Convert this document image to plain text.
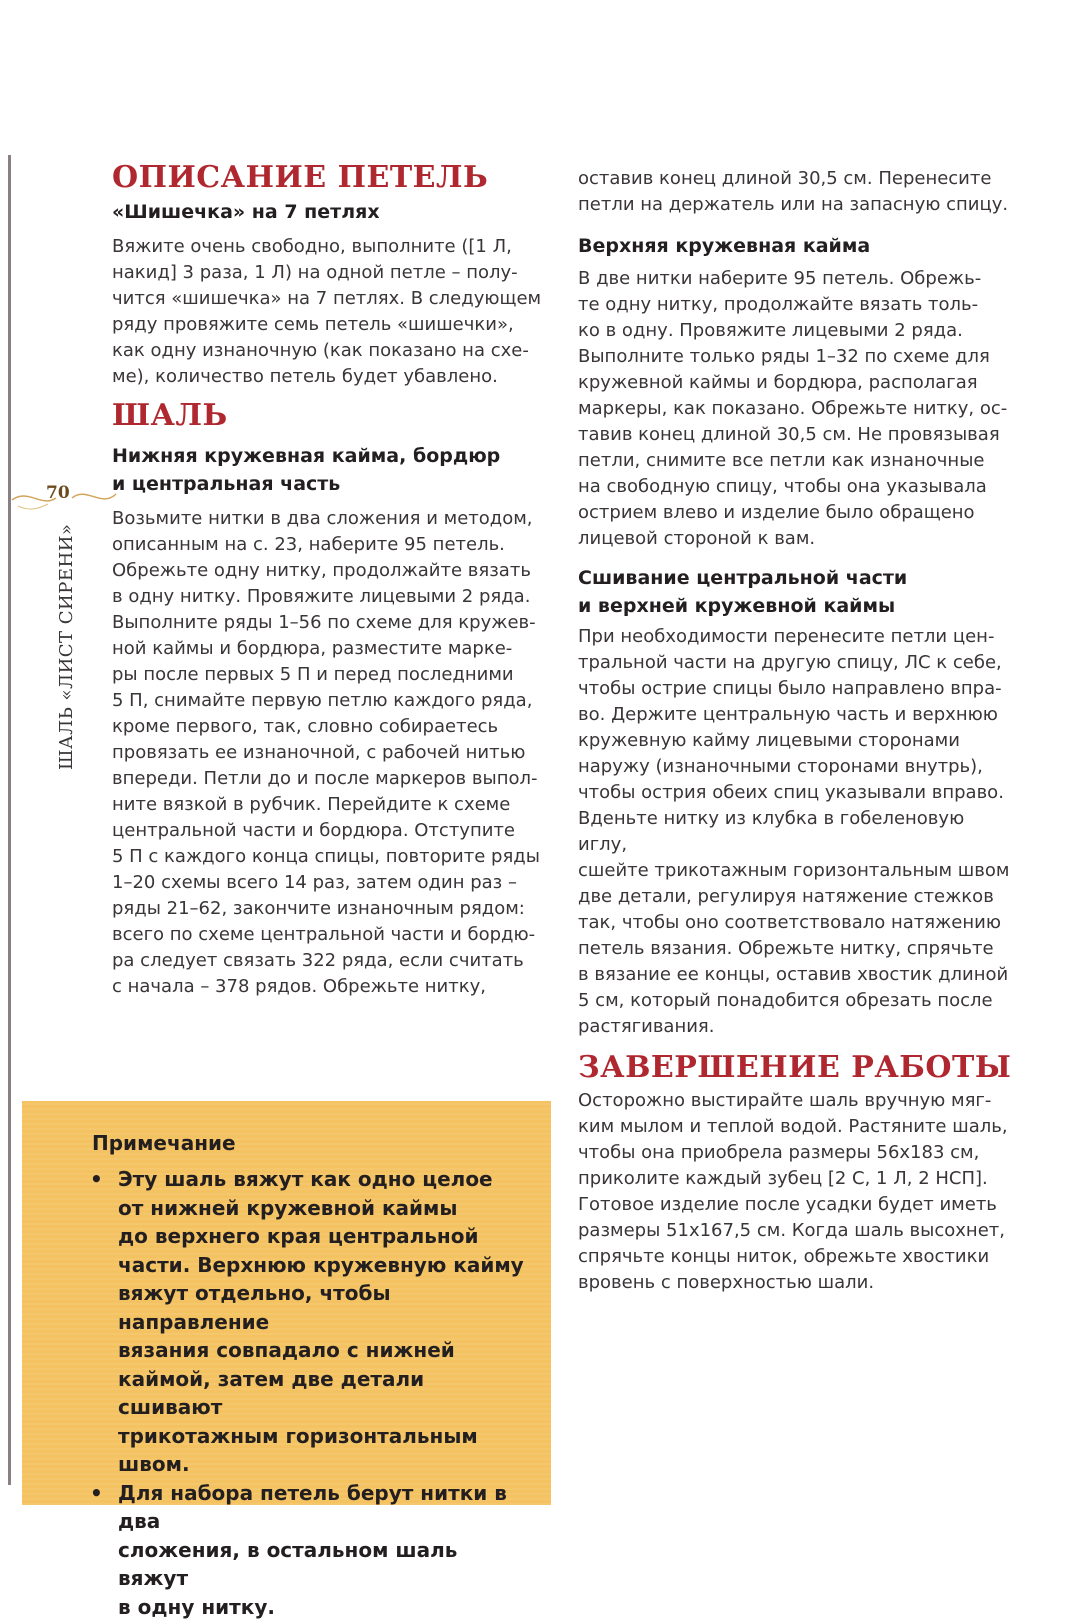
70
ШАЛЬ «ЛИСТ СИРЕНИ»
ОПИСАНИЕ ПЕТЕЛЬ

«Шишечка» на 7 петлях

Вяжите очень свободно, выполните ([1 Л,
накид] 3 раза, 1 Л) на одной петле – полу-
чится «шишечка» на 7 петлях. В следующем
ряду провяжите семь петель «шишечки»,
как одну изнаночную (как показано на схе-
ме), количество петель будет убавлено.
ШАЛЬ

Нижняя кружевная кайма, бордюр

и центральная часть

Возьмите нитки в два сложения и методом,
описанным на с. 23, наберите 95 петель.
Обрежьте одну нитку, продолжайте вязать
в одну нитку. Провяжите лицевыми 2 ряда.
Выполните ряды 1–56 по схеме для кружев-
ной каймы и бордюра, разместите марке-
ры после первых 5 П и перед последними
5 П, снимайте первую петлю каждого ряда,
кроме первого, так, словно собираетесь
провязать ее изнаночной, с рабочей нитью
впереди. Петли до и после маркеров выпол-
ните вязкой в рубчик. Перейдите к схеме
центральной части и бордюра. Отступите
5 П с каждого конца спицы, повторите ряды
1–20 схемы всего 14 раз, затем один раз –
ряды 21–62, закончите изнаночным рядом:
всего по схеме центральной части и бордю-
ра следует связать 322 ряда, если считать
с начала – 378 рядов. Обрежьте нитку,
оставив конец длиной 30,5 см. Перенесите
петли на держатель или на запасную спицу.

Верхняя кружевная кайма

В две нитки наберите 95 петель. Обрежь-
те одну нитку, продолжайте вязать толь-
ко в одну. Провяжите лицевыми 2 ряда.
Выполните только ряды 1–32 по схеме для
кружевной каймы и бордюра, располагая
маркеры, как показано. Обрежьте нитку, ос-
тавив конец длиной 30,5 см. Не провязывая
петли, снимите все петли как изнаночные
на свободную спицу, чтобы она указывала
острием влево и изделие было обращено
лицевой стороной к вам.

Сшивание центральной части

и верхней кружевной каймы

При необходимости перенесите петли цен-
тральной части на другую спицу, ЛС к себе,
чтобы острие спицы было направлено впра-
во. Держите центральную часть и верхнюю
кружевную кайму лицевыми сторонами
наружу (изнаночными сторонами внутрь),
чтобы острия обеих спиц указывали вправо.
Вденьте нитку из клубка в гобеленовую иглу,
сшейте трикотажным горизонтальным швом
две детали, регулируя натяжение стежков
так, чтобы оно соответствовало натяжению
петель вязания. Обрежьте нитку, спрячьте
в вязание ее концы, оставив хвостик длиной
5 см, который понадобится обрезать после
растягивания.
ЗАВЕРШЕНИЕ РАБОТЫ
Осторожно выстирайте шаль вручную мяг-
ким мылом и теплой водой. Растяните шаль,
чтобы она приобрела размеры 56x183 см,
приколите каждый зубец [2 С, 1 Л, 2 НСП].
Готовое изделие после усадки будет иметь
размеры 51x167,5 см. Когда шаль высохнет,
спрячьте концы ниток, обрежьте хвостики
вровень с поверхностью шали.
Примечание
• Эту шаль вяжут как одно целое
от нижней кружевной каймы
до верхнего края центральной
части. Верхнюю кружевную кайму
вяжут отдельно, чтобы направление
вязания совпадало с нижней
каймой, затем две детали сшивают
трикотажным горизонтальным швом.
• Для набора петель берут нитки в два
сложения, в остальном шаль вяжут
в одну нитку.
